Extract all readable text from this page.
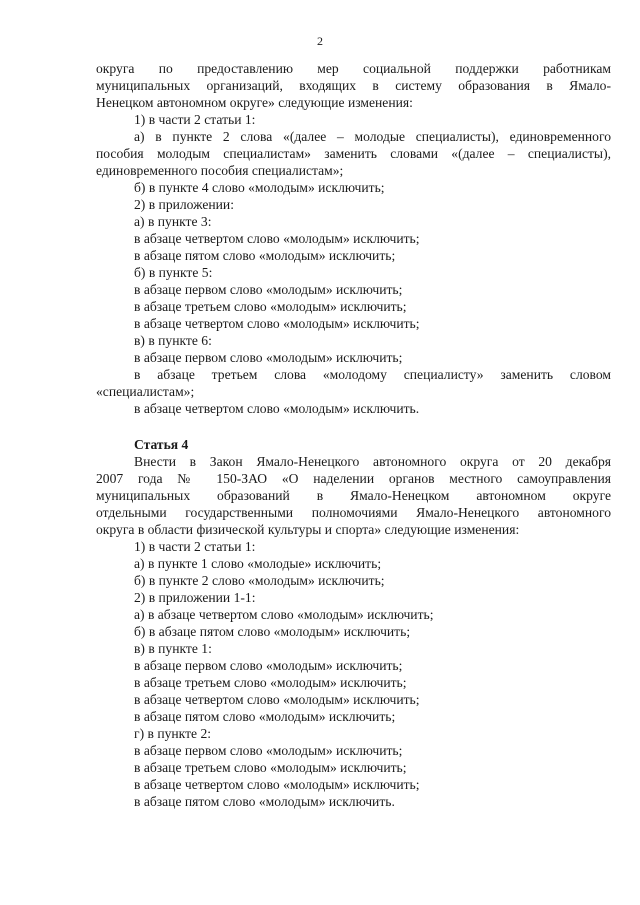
2
округа по предоставлению мер социальной поддержки работникам
муниципальных организаций, входящих в систему образования в Ямало-
Ненецком автономном округе» следующие изменения:
1) в части 2 статьи 1:
а) в пункте 2 слова «(далее – молодые специалисты), единовременного
пособия молодым специалистам» заменить словами «(далее – специалисты),
единовременного пособия специалистам»;
б) в пункте 4 слово «молодым» исключить;
2) в приложении:
а) в пункте 3:
в абзаце четвертом слово «молодым» исключить;
в абзаце пятом слово «молодым» исключить;
б) в пункте 5:
в абзаце первом слово «молодым» исключить;
в абзаце третьем слово «молодым» исключить;
в абзаце четвертом слово «молодым» исключить;
в) в пункте 6:
в абзаце первом слово «молодым» исключить;
в абзаце третьем слова «молодому специалисту» заменить словом
«специалистам»;
в абзаце четвертом слово «молодым» исключить.
Статья 4
Внести в Закон Ямало-Ненецкого автономного округа от 20 декабря
2007 года № 150-ЗАО «О наделении органов местного самоуправления
муниципальных образований в Ямало-Ненецком автономном округе
отдельными государственными полномочиями Ямало-Ненецкого автономного
округа в области физической культуры и спорта» следующие изменения:
1) в части 2 статьи 1:
а) в пункте 1 слово «молодые» исключить;
б) в пункте 2 слово «молодым» исключить;
2) в приложении 1-1:
а) в абзаце четвертом слово «молодым» исключить;
б) в абзаце пятом слово «молодым» исключить;
в) в пункте 1:
в абзаце первом слово «молодым» исключить;
в абзаце третьем слово «молодым» исключить;
в абзаце четвертом слово «молодым» исключить;
в абзаце пятом слово «молодым» исключить;
г) в пункте 2:
в абзаце первом слово «молодым» исключить;
в абзаце третьем слово «молодым» исключить;
в абзаце четвертом слово «молодым» исключить;
в абзаце пятом слово «молодым» исключить.
